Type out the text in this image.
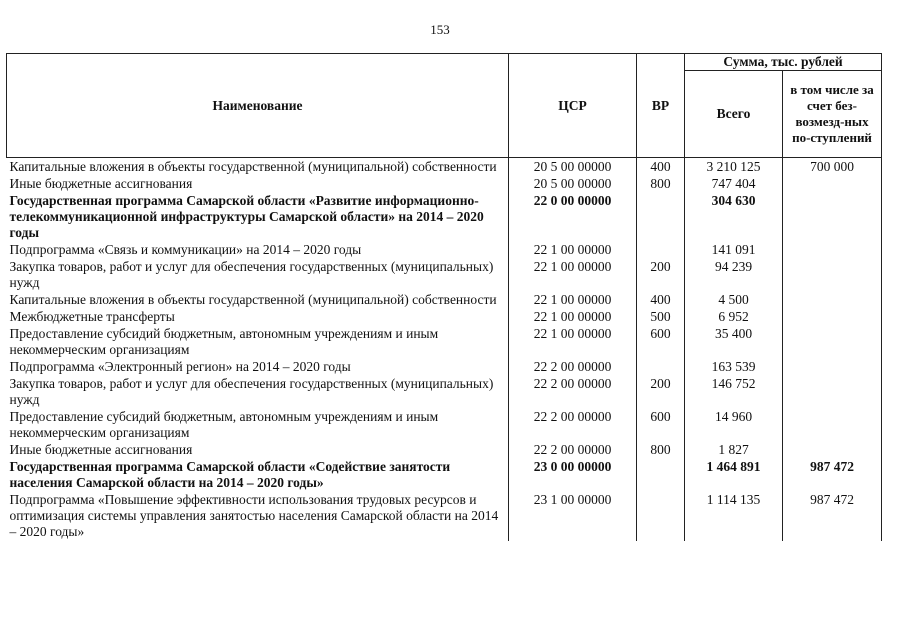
153
Наименование	ЦСР	ВР	Сумма, тыс. рублей	
			Всего	в том числе за счет без-возмезд-ных по-ступлений
Капитальные вложения в объекты государственной (муниципальной) собственности	20 5 00 00000	400	3 210 125	700 000
Иные бюджетные ассигнования	20 5 00 00000	800	747 404	
Государственная программа Самарской области «Развитие информационно-телекоммуникационной инфраструктуры Самарской области» на 2014 – 2020 годы	22 0 00 00000		304 630	
Подпрограмма «Связь и коммуникации» на 2014 – 2020 годы	22 1 00 00000		141 091	
Закупка товаров, работ и услуг для обеспечения государственных (муниципальных) нужд	22 1 00 00000	200	94 239	
Капитальные вложения в объекты государственной (муниципальной) собственности	22 1 00 00000	400	4 500	
Межбюджетные трансферты	22 1 00 00000	500	6 952	
Предоставление субсидий бюджетным, автономным учреждениям и иным некоммерческим организациям	22 1 00 00000	600	35 400	
Подпрограмма «Электронный регион» на 2014 – 2020 годы	22 2 00 00000		163 539	
Закупка товаров, работ и услуг для обеспечения государственных (муниципальных) нужд	22 2 00 00000	200	146 752	
Предоставление субсидий бюджетным, автономным учреждениям и иным некоммерческим организациям	22 2 00 00000	600	14 960	
Иные бюджетные ассигнования	22 2 00 00000	800	1 827	
Государственная программа Самарской области «Содействие занятости населения Самарской области на 2014 – 2020 годы»	23 0 00 00000		1 464 891	987 472
Подпрограмма «Повышение эффективности использования трудовых ресурсов и оптимизация системы управления занятостью населения Самарской области на 2014 – 2020 годы»	23 1 00 00000		1 114 135	987 472
